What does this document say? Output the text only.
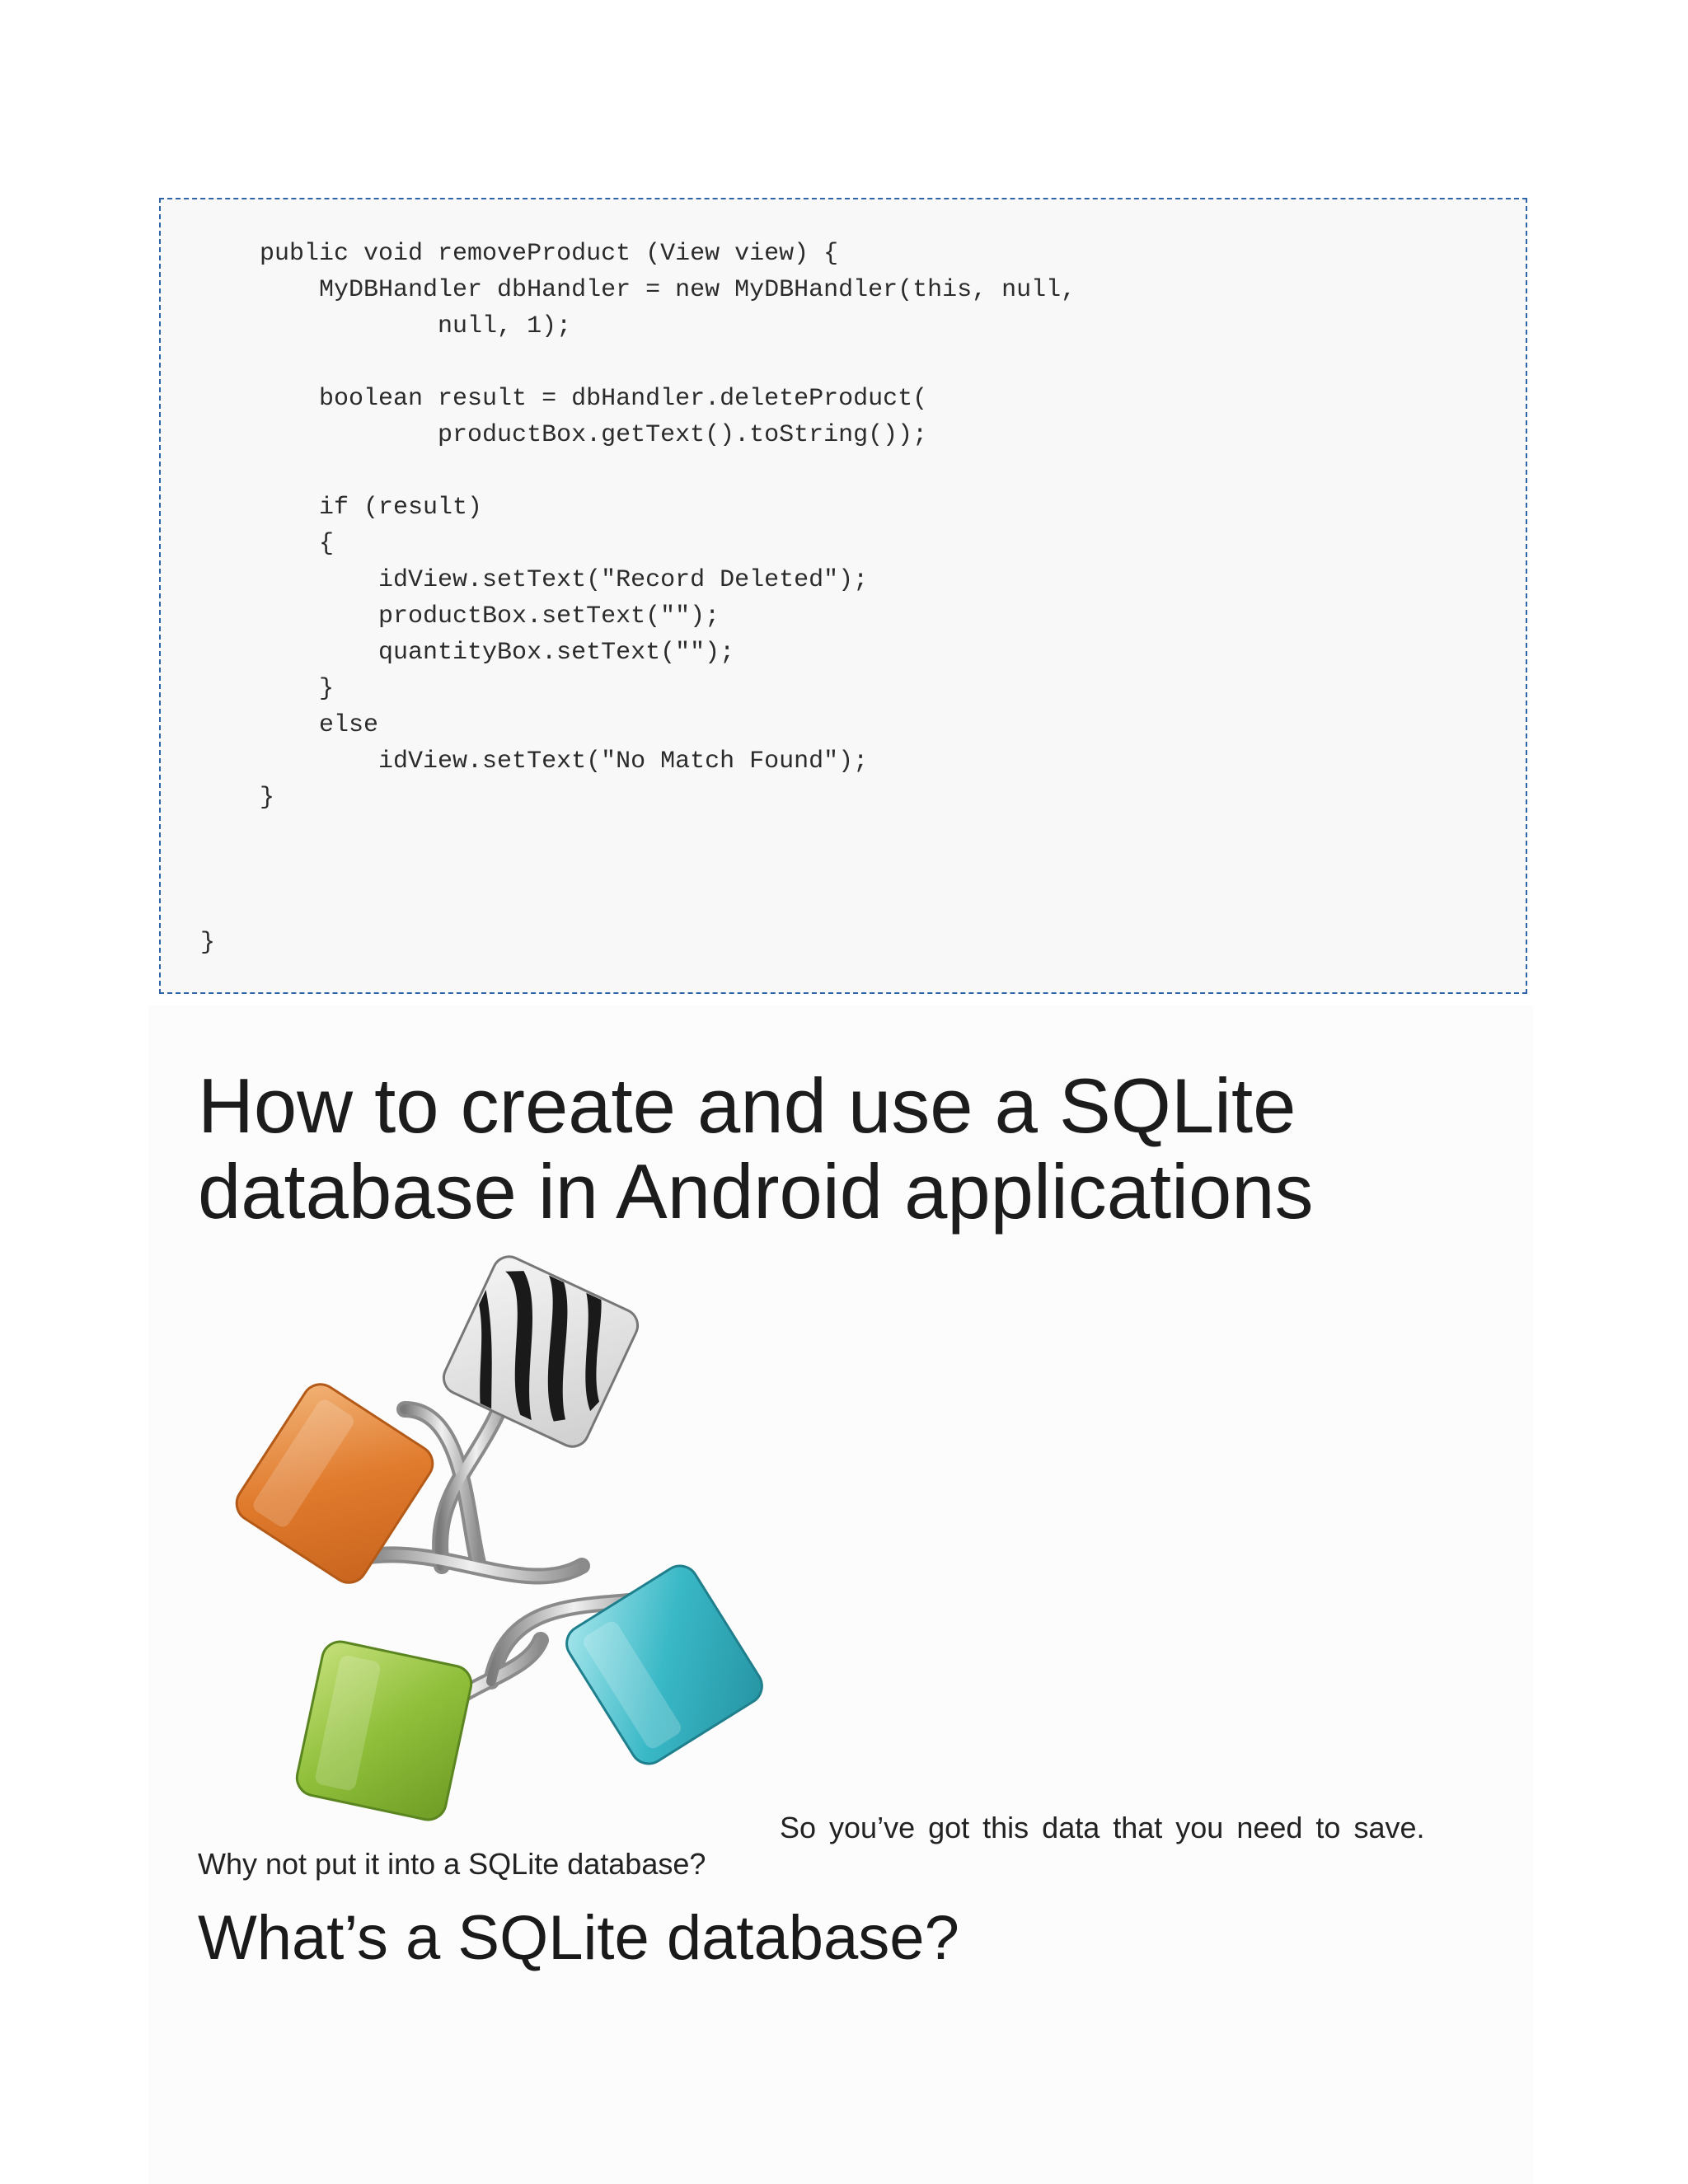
public void removeProduct (View view) {
MyDBHandler dbHandler = new MyDBHandler(this, null,
null, 1);

boolean result = dbHandler.deleteProduct(
productBox.getText().toString());

if (result)
{
idView.setText("Record Deleted");
productBox.setText("");
quantityBox.setText("");
}
else
idView.setText("No Match Found");
}

}

How to create and use a SQLite database in Android applications

So you’ve got this data that you need to save.

Why not put it into a SQLite database?

What’s a SQLite database?
